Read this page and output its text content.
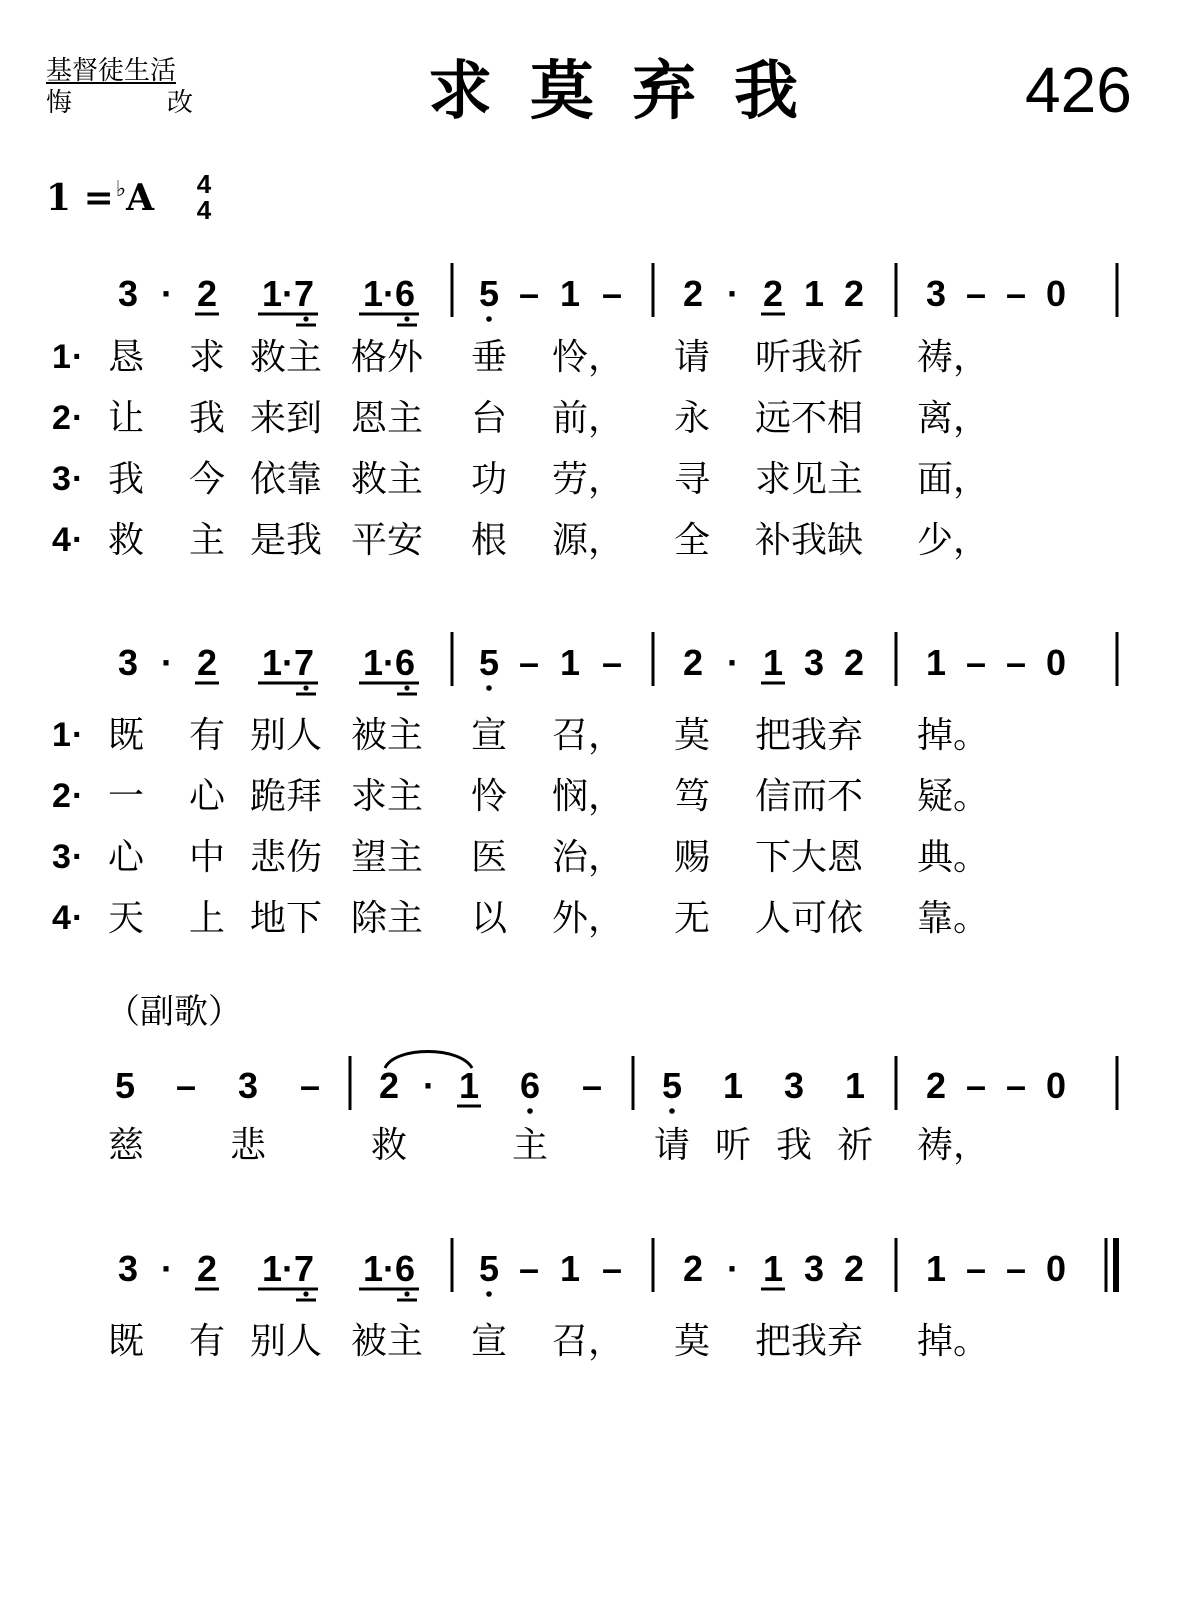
基督徒生活
悔改 求莫弃我	426
1 =♭A 4
4
3 · 2 1·7 1·6 5 – 1 – 2 · 2 1 2 3 – – 0
1 · 恳 求 救主 格外 垂 怜， 请 听我祈 祷，
2 · 让 我 来到 恩主 台 前， 永 远不相 离，
3 · 我 今 依靠 救主 功 劳， 寻 求见主 面，
4 · 救 主 是我 平安 根 源， 全 补我缺 少，
3 · 2 1·7 1·6 5 – 1 – 2 · 1 3 2 1 – – 0
1 · 既 有 别人 被主 宣 召， 莫 把我弃 掉。
2 · 一 心 跪拜 求主 怜 悯， 笃 信而不 疑。
3 · 心 中 悲伤 望主 医 治， 赐 下大恩 典。
4 · 天 上 地下 除主 以 外， 无 人可依 靠。
（副歌）
5 – 3 – 2 · 1 6 – 5 1 3 1 2 – – 0
慈 悲	救	主	请 听 我 祈 祷，
3 · 2 1·7 1·6 5 – 1 – 2 · 1 3 2 1 – – 0
既 有 别人 被主 宣 召， 莫 把我弃 掉。
